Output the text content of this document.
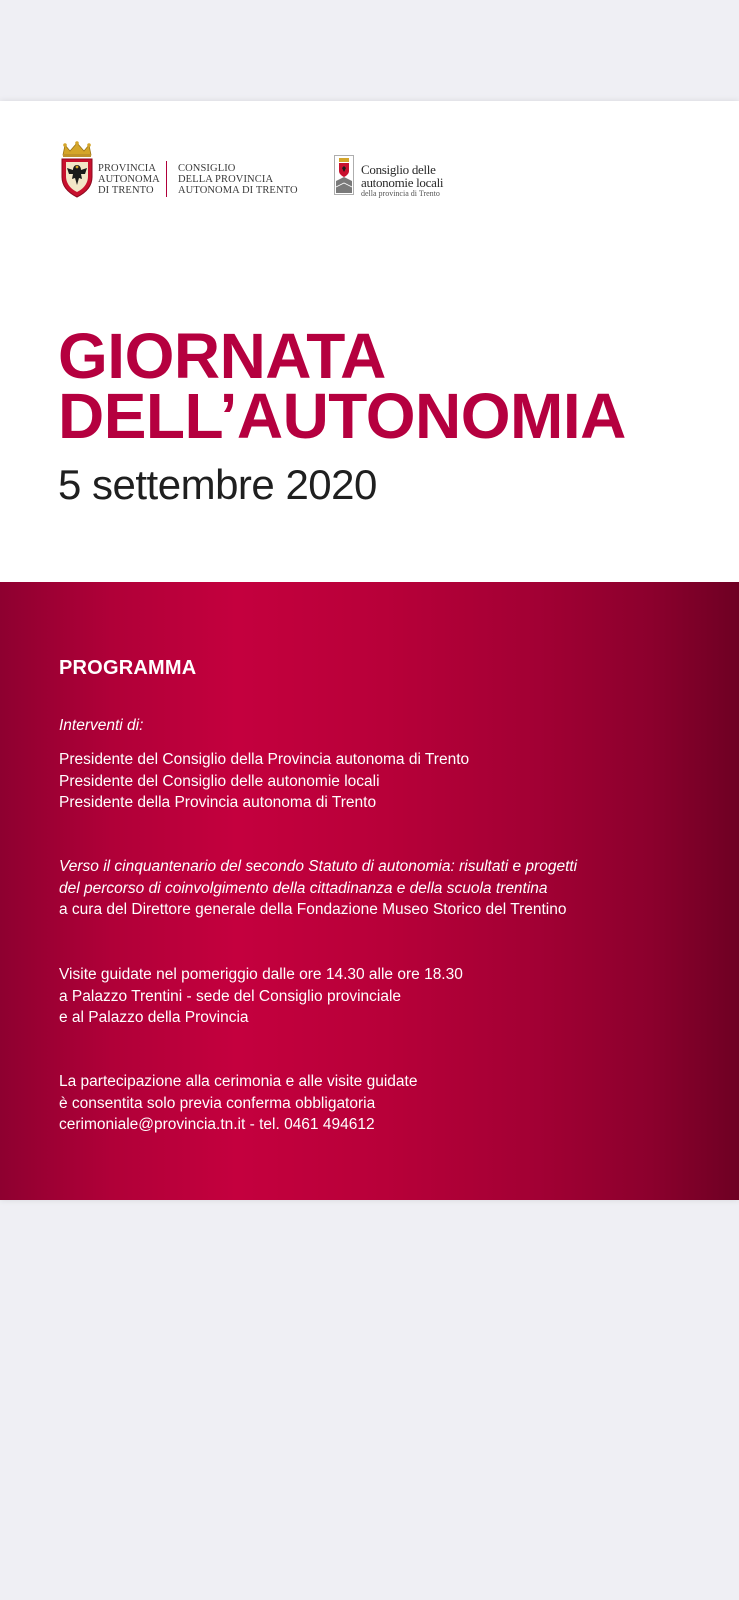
PROVINCIA
AUTONOMA
DI TRENTO
CONSIGLIO
DELLA PROVINCIA
AUTONOMA DI TRENTO
Consiglio delle
autonomie locali
della provincia di Trento
GIORNATA
DELL’AUTONOMIA

5 settembre 2020

PROGRAMMA
Interventi di:
Presidente del Consiglio della Provincia autonoma di Trento
Presidente del Consiglio delle autonomie locali
Presidente della Provincia autonoma di Trento
Verso il cinquantenario del secondo Statuto di autonomia: risultati e progetti
del percorso di coinvolgimento della cittadinanza e della scuola trentina
a cura del Direttore generale della Fondazione Museo Storico del Trentino
Visite guidate nel pomeriggio dalle ore 14.30 alle ore 18.30
a Palazzo Trentini - sede del Consiglio provinciale
e al Palazzo della Provincia
La partecipazione alla cerimonia e alle visite guidate
è consentita solo previa conferma obbligatoria
cerimoniale@provincia.tn.it - tel. 0461 494612
